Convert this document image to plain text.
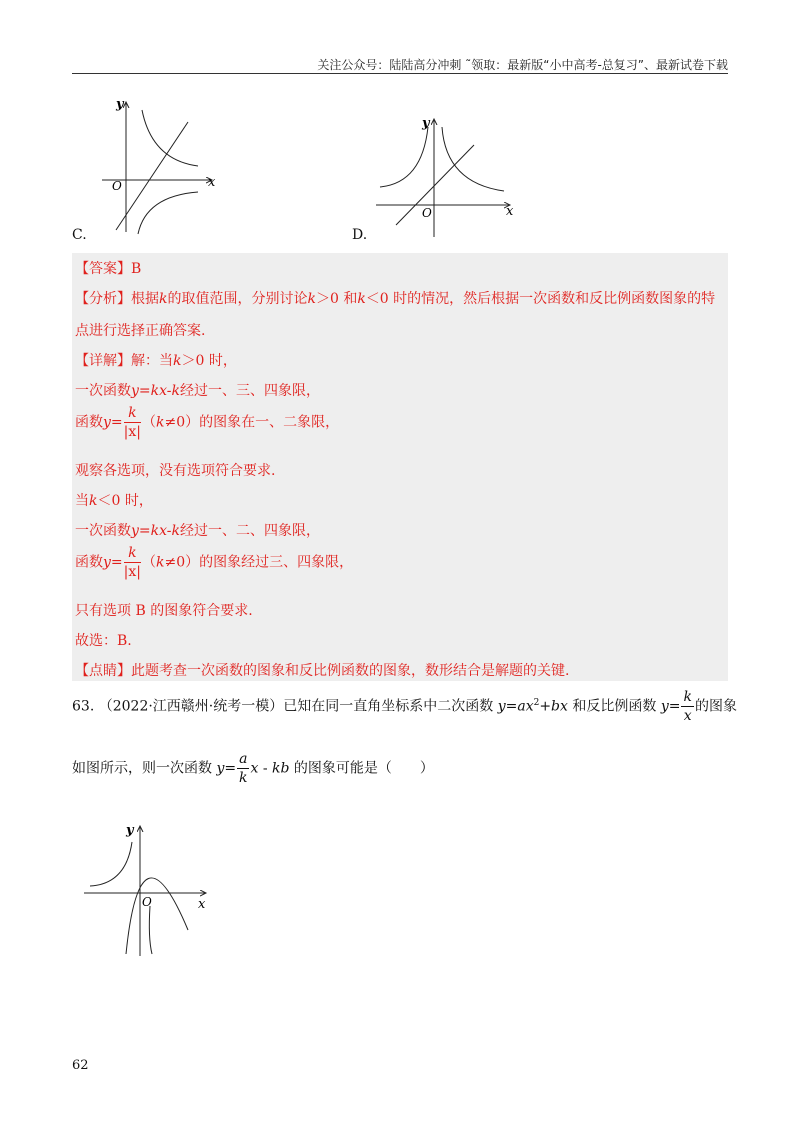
关注公众号：陆陆高分冲刺 ˜领取：最新版“小中高考-总复习”、最新试卷下载
y
x
O
C.
y
x
O
D.
【答案】B
【分析】根据k的取值范围，分别讨论k＞0 和k＜0 时的情况，然后根据一次函数和反比例函数图象的特
点进行选择正确答案.
【详解】解：当k＞0 时，
一次函数y=kx-k经过一、三、四象限，
函数$y= \frac{k}{|x|} (k\ne 0)$的图象在一、二象限，
观察各选项，没有选项符合要求.
当k＜0 时，
一次函数y=kx-k经过一、二、四象限，
函数$y= \frac{k}{|x|} (k\ne 0)$的图象经过三、四象限，
只有选项 B 的图象符合要求.
故选：B.
【点睛】此题考查一次函数的图象和反比例函数的图象，数形结合是解题的关键.
63. （2022·江西赣州·统考一模）已知在同一直角坐标系中二次函数 $y=ax^2+bx$ 和反比例函数 $y= \frac{k}{x}$ 的图象
如图所示，则一次函数 $y= \frac{a}{k}$ x - kb 的图象可能是（　　）
y
x
O
62
